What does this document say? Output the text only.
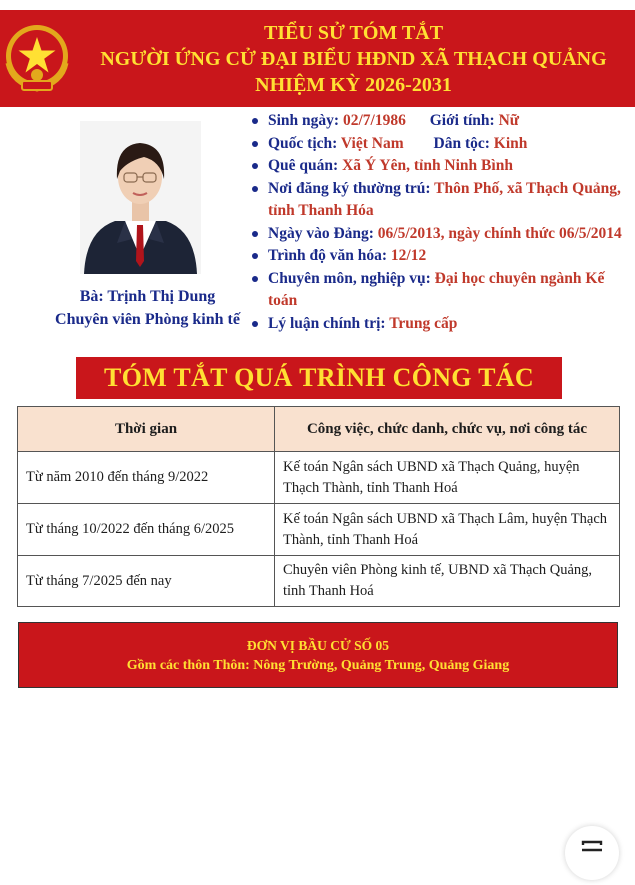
TIỂU SỬ TÓM TẮT
NGƯỜI ỨNG CỬ ĐẠI BIỂU HĐND XÃ THẠCH QUẢNG
NHIỆM KỲ 2026-2031
Bà: Trịnh Thị Dung
Chuyên viên Phòng kinh tế
Sinh ngày: 02/7/1986 Giới tính: Nữ
Quốc tịch: Việt Nam Dân tộc: Kinh
Quê quán: Xã Ý Yên, tỉnh Ninh Bình
Nơi đăng ký thường trú: Thôn Phố, xã Thạch Quảng, tỉnh Thanh Hóa
Ngày vào Đảng: 06/5/2013, ngày chính thức 06/5/2014
Trình độ văn hóa: 12/12
Chuyên môn, nghiệp vụ: Đại học chuyên ngành Kế toán
Lý luận chính trị: Trung cấp
TÓM TẮT QUÁ TRÌNH CÔNG TÁC
Thời gian	Công việc, chức danh, chức vụ, nơi công tác
Từ năm 2010 đến tháng 9/2022	Kế toán Ngân sách UBND xã Thạch Quảng, huyện Thạch Thành, tỉnh Thanh Hoá
Từ tháng 10/2022 đến tháng 6/2025	Kế toán Ngân sách UBND xã Thạch Lâm, huyện Thạch Thành, tỉnh Thanh Hoá
Từ tháng 7/2025 đến nay	Chuyên viên Phòng kinh tế, UBND xã Thạch Quảng, tỉnh Thanh Hoá
ĐƠN VỊ BẦU CỬ SỐ 05
Gồm các thôn Thôn: Nông Trường, Quảng Trung, Quảng Giang
